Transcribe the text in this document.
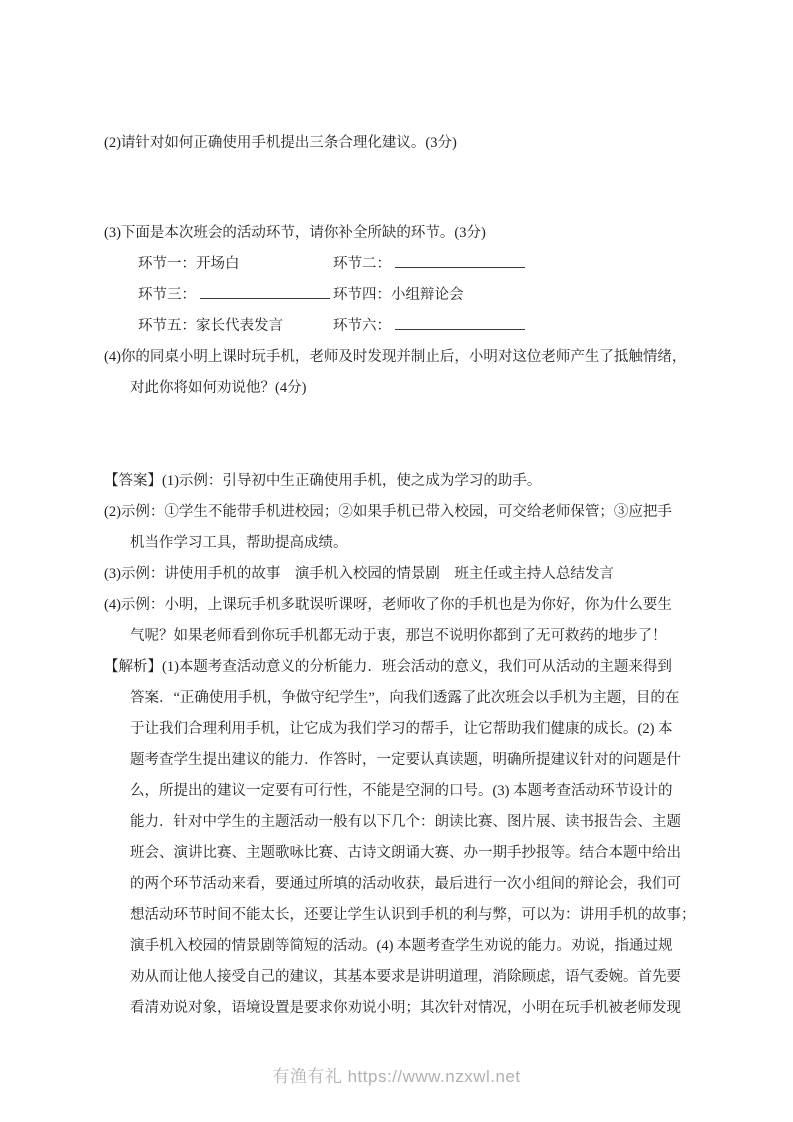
(2)请针对如何正确使用手机提出三条合理化建议。(3分)
(3)下面是本次班会的活动环节，请你补全所缺的环节。(3分)
环节一：开场白	环节二：
环节三：	环节四：小组辩论会
环节五：家长代表发言	环节六：
(4)你的同桌小明上课时玩手机，老师及时发现并制止后，小明对这位老师产生了抵触情绪，
对此你将如何劝说他？(4分)
【答案】(1)示例：引导初中生正确使用手机，使之成为学习的助手。
(2)示例：①学生不能带手机进校园；②如果手机已带入校园，可交给老师保管；③应把手
机当作学习工具，帮助提高成绩。
(3)示例：讲使用手机的故事　演手机入校园的情景剧　班主任或主持人总结发言
(4)示例：小明，上课玩手机多耽误听课呀，老师收了你的手机也是为你好，你为什么要生
气呢？如果老师看到你玩手机都无动于衷，那岂不说明你都到了无可救药的地步了！
【解析】(1)本题考查活动意义的分析能力．班会活动的意义，我们可从活动的主题来得到
答案．“正确使用手机，争做守纪学生”，向我们透露了此次班会以手机为主题，目的在
于让我们合理利用手机，让它成为我们学习的帮手，让它帮助我们健康的成长。(2) 本
题考查学生提出建议的能力．作答时，一定要认真读题，明确所提建议针对的问题是什
么，所提出的建议一定要有可行性，不能是空洞的口号。(3) 本题考查活动环节设计的
能力．针对中学生的主题活动一般有以下几个：朗读比赛、图片展、读书报告会、主题
班会、演讲比赛、主题歌咏比赛、古诗文朗诵大赛、办一期手抄报等。结合本题中给出
的两个环节活动来看，要通过所填的活动收获，最后进行一次小组间的辩论会，我们可
想活动环节时间不能太长，还要让学生认识到手机的利与弊，可以为：讲用手机的故事；
演手机入校园的情景剧等简短的活动。(4) 本题考查学生劝说的能力。劝说，指通过规
劝从而让他人接受自己的建议，其基本要求是讲明道理，消除顾虑，语气委婉。首先要
看清劝说对象，语境设置是要求你劝说小明；其次针对情况，小明在玩手机被老师发现
有渔有礼 https://www.nzxwl.net
